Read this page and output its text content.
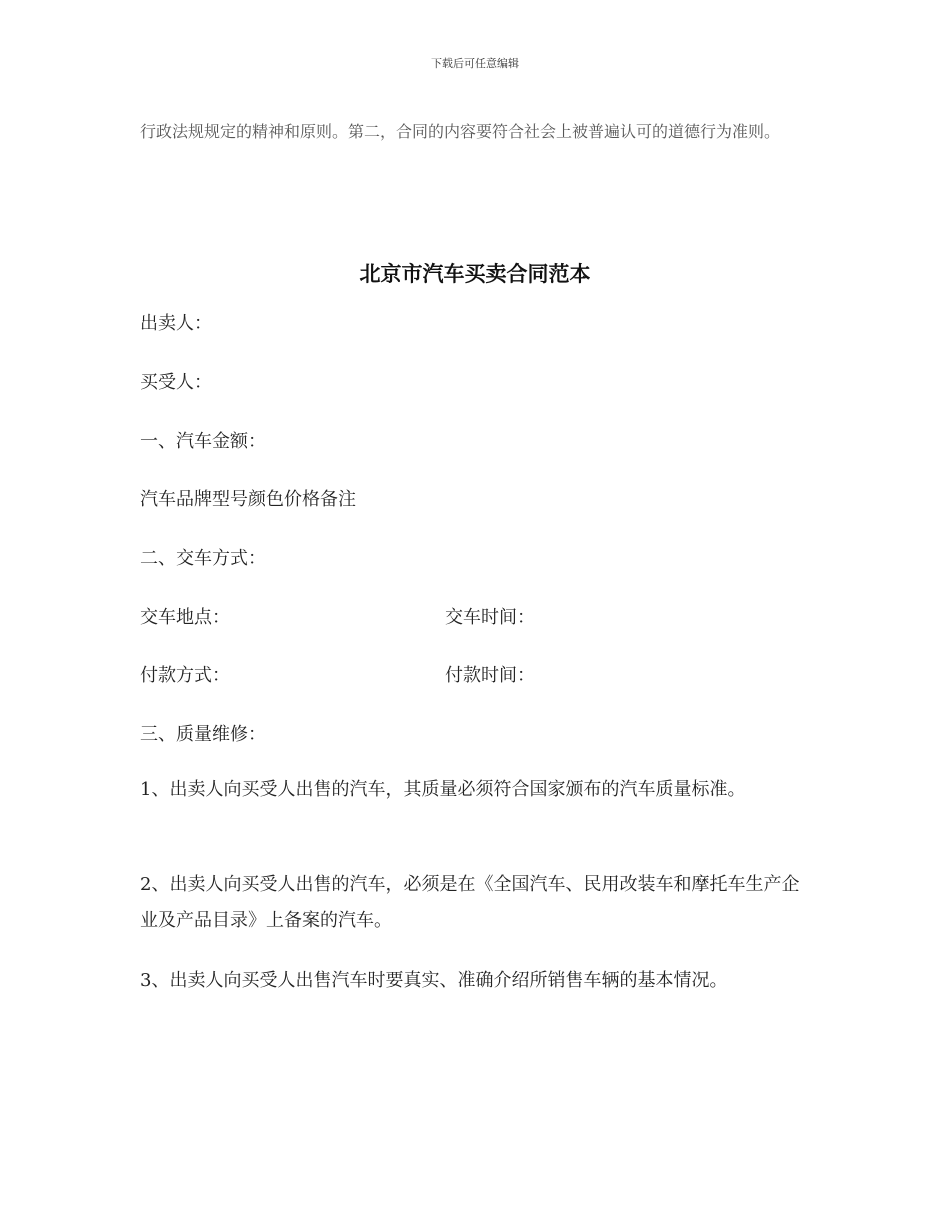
下载后可任意编辑

行政法规规定的精神和原则。第二，合同的内容要符合社会上被普遍认可的道德行为准则。

北京市汽车买卖合同范本
出卖人：
买受人：
一、汽车金额：
汽车品牌型号颜色价格备注
二、交车方式：
交车地点：	交车时间：
付款方式：	付款时间：
三、质量维修：
1、出卖人向买受人出售的汽车，其质量必须符合国家颁布的汽车质量标准。
2、出卖人向买受人出售的汽车，必须是在《全国汽车、民用改装车和摩托车生产企业及产品目录》上备案的汽车。
3、出卖人向买受人出售汽车时要真实、准确介绍所销售车辆的基本情况。
